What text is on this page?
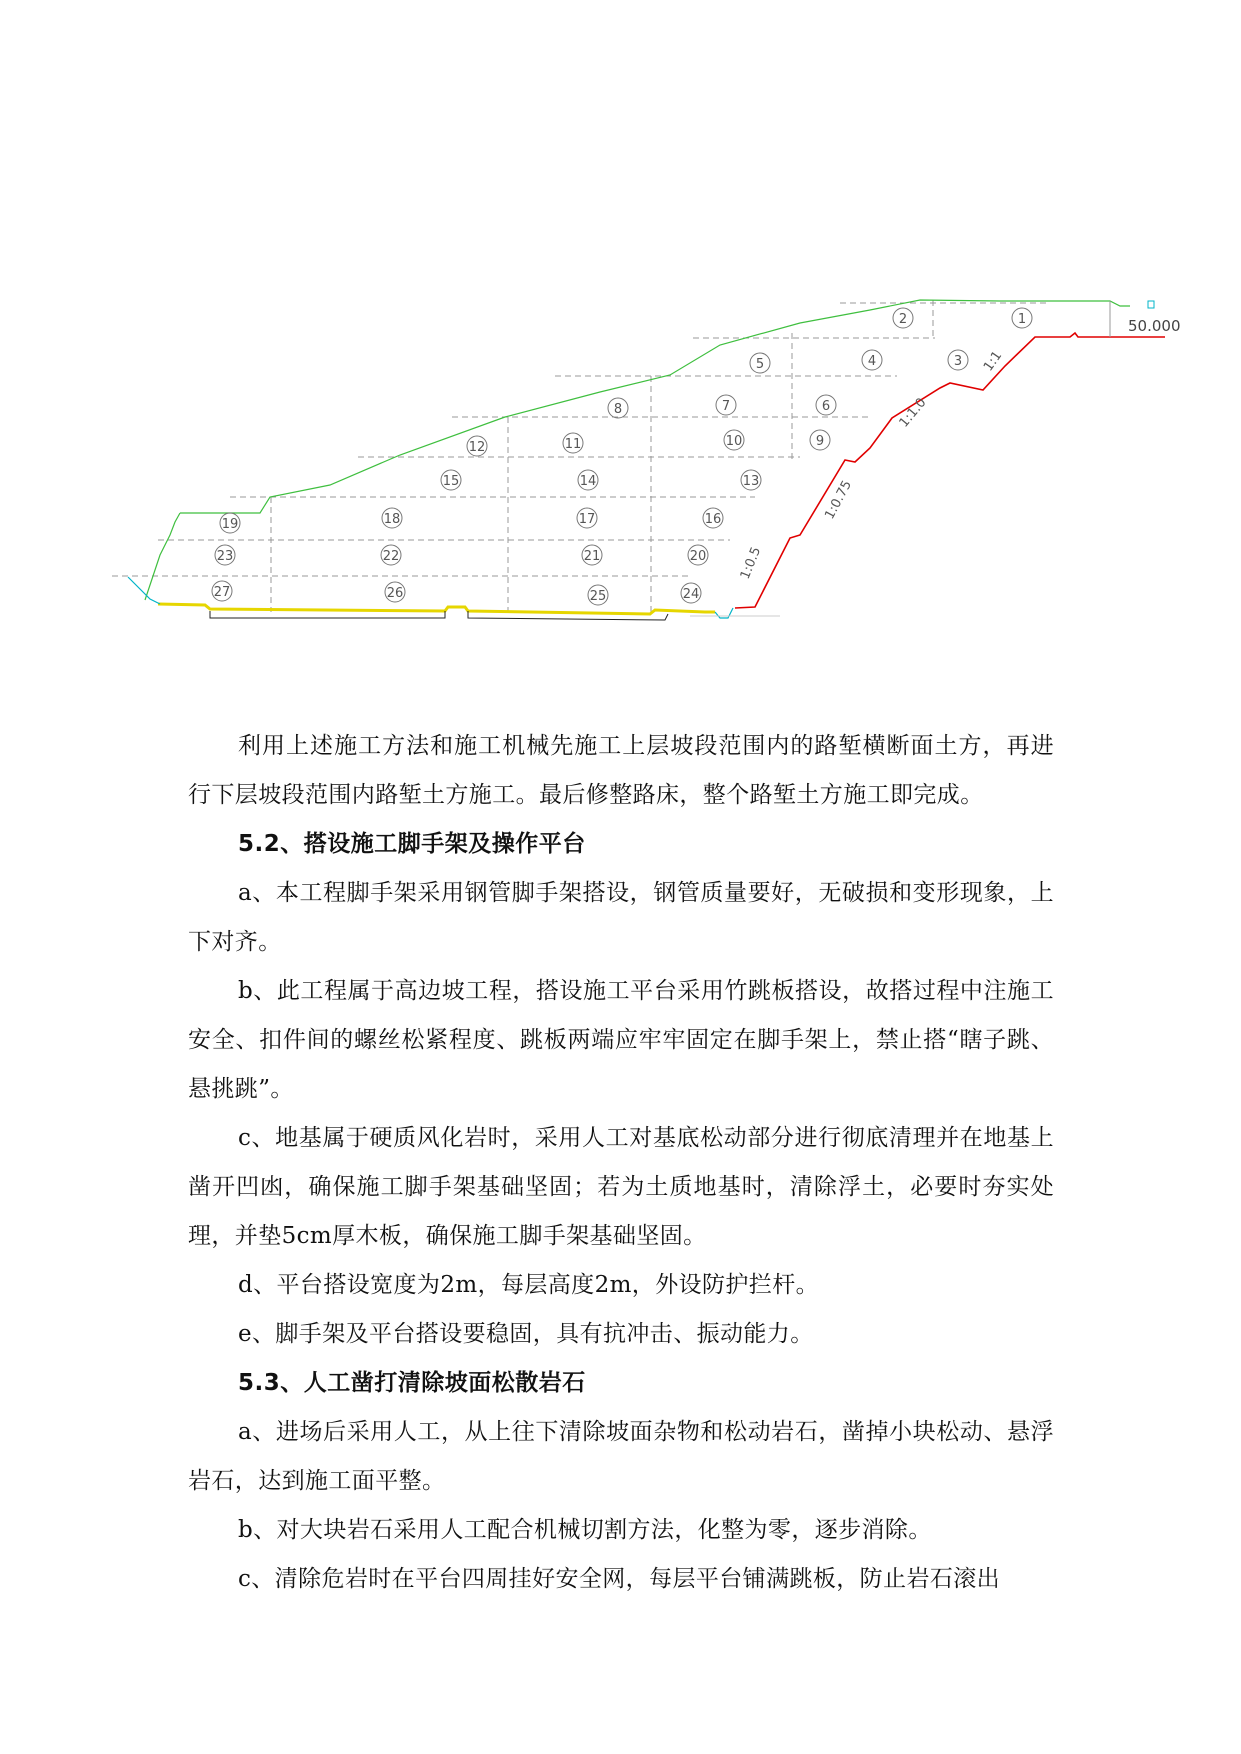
1
2
3
4
5
6
7
8
9
10
11
12
13
14
15
16
17
18
19
20
21
22
23
24
25
26
27
50.000
1:1
1:1.0
1:0.75
1:0.5

利用上述施工方法和施工机械先施工上层坡段范围内的路堑横断面土方，再进行下层坡段范围内路堑土方施工。最后修整路床，整个路堑土方施工即完成。

5.2、搭设施工脚手架及操作平台

a、本工程脚手架采用钢管脚手架搭设，钢管质量要好，无破损和变形现象，上下对齐。

b、此工程属于高边坡工程，搭设施工平台采用竹跳板搭设，故搭过程中注施工安全、扣件间的螺丝松紧程度、跳板两端应牢牢固定在脚手架上，禁止搭“瞎子跳、悬挑跳”。

c、地基属于硬质风化岩时，采用人工对基底松动部分进行彻底清理并在地基上凿开凹凼，确保施工脚手架基础坚固；若为土质地基时，清除浮土，必要时夯实处理，并垫5cm厚木板，确保施工脚手架基础坚固。

d、平台搭设宽度为2m，每层高度2m，外设防护拦杆。

e、脚手架及平台搭设要稳固，具有抗冲击、振动能力。

5.3、人工凿打清除坡面松散岩石

a、进场后采用人工，从上往下清除坡面杂物和松动岩石，凿掉小块松动、悬浮岩石，达到施工面平整。

b、对大块岩石采用人工配合机械切割方法，化整为零，逐步消除。

c、清除危岩时在平台四周挂好安全网，每层平台铺满跳板，防止岩石滚出
